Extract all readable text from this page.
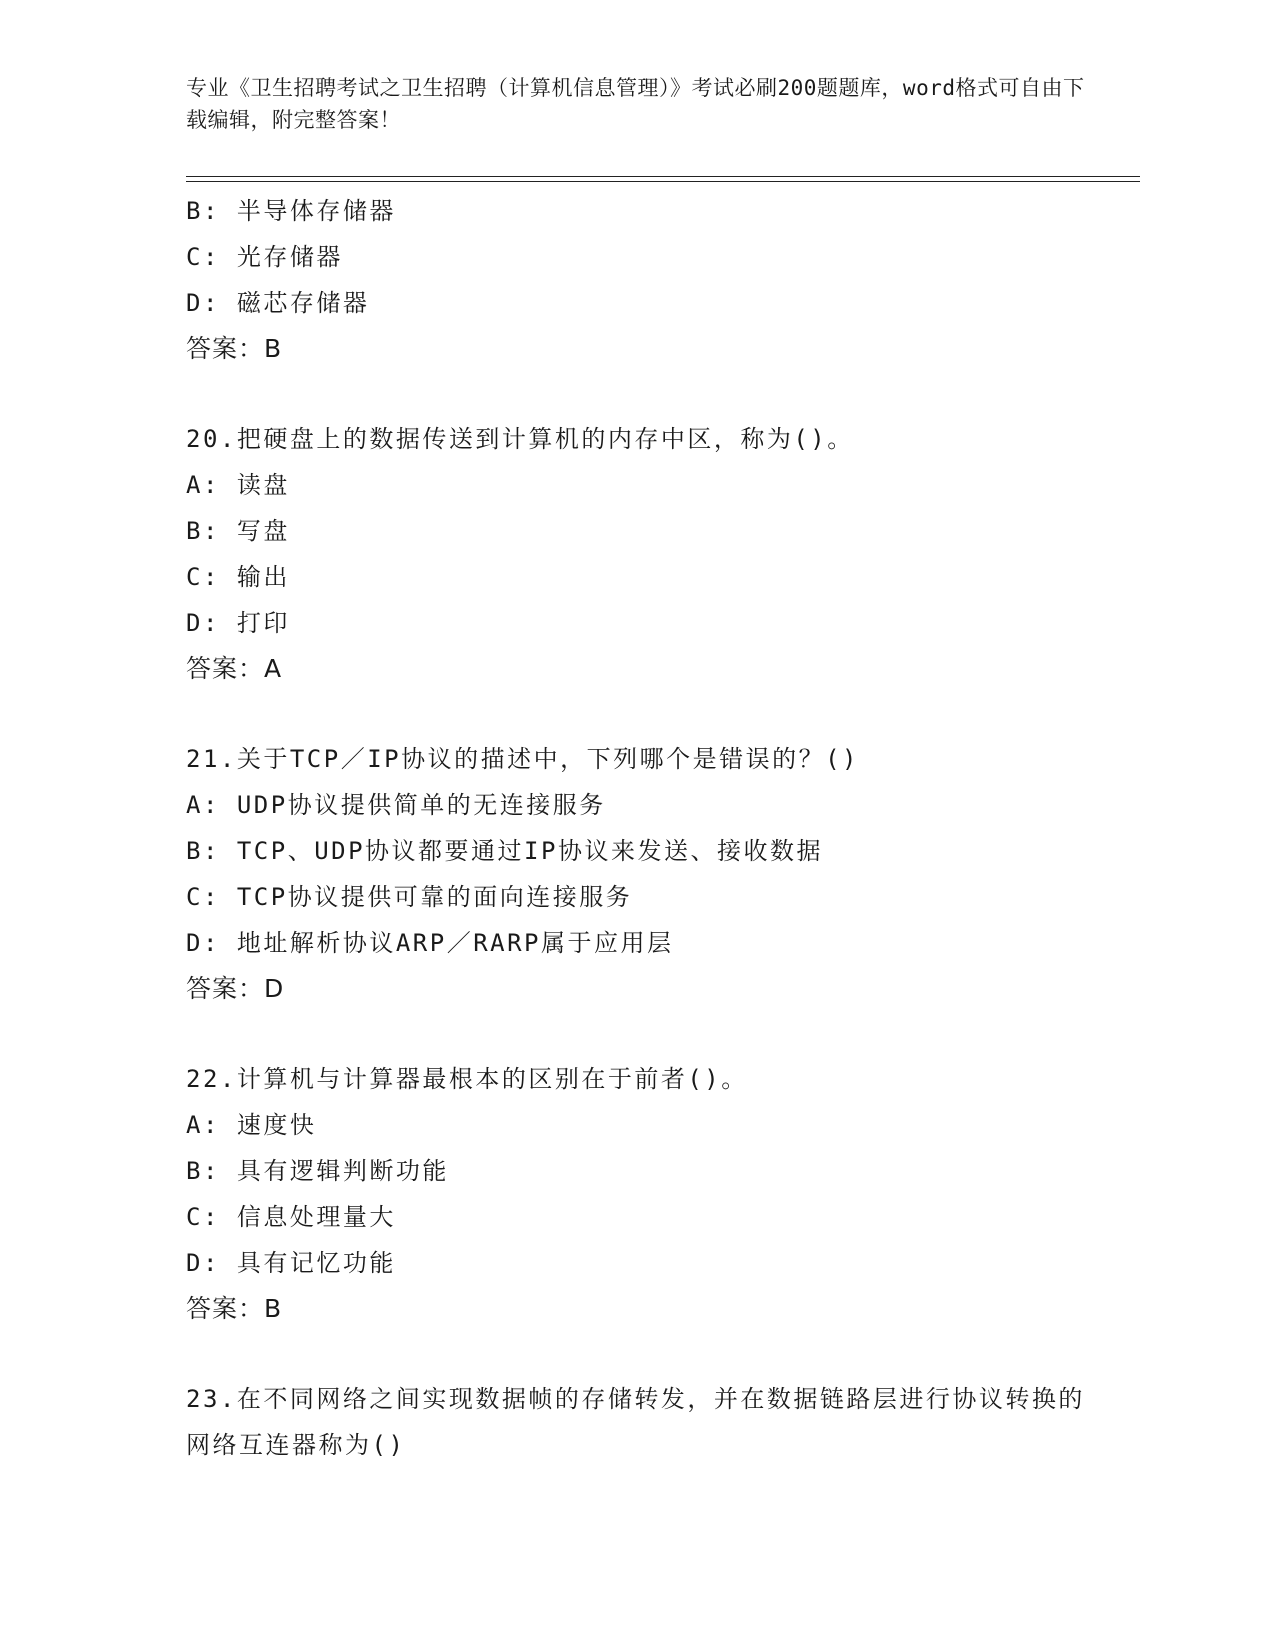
专业《卫生招聘考试之卫生招聘（计算机信息管理）》考试必刷200题题库，word格式可自由下载编辑，附完整答案！
B: 半导体存储器
C: 光存储器
D: 磁芯存储器
答案：B
20.把硬盘上的数据传送到计算机的内存中区，称为()。
A: 读盘
B: 写盘
C: 输出
D: 打印
答案：A
21.关于TCP／IP协议的描述中，下列哪个是错误的？()
A: UDP协议提供简单的无连接服务
B: TCP、UDP协议都要通过IP协议来发送、接收数据
C: TCP协议提供可靠的面向连接服务
D: 地址解析协议ARP／RARP属于应用层
答案：D
22.计算机与计算器最根本的区别在于前者()。
A: 速度快
B: 具有逻辑判断功能
C: 信息处理量大
D: 具有记忆功能
答案：B
23.在不同网络之间实现数据帧的存储转发，并在数据链路层进行协议转换的网络互连器称为()
